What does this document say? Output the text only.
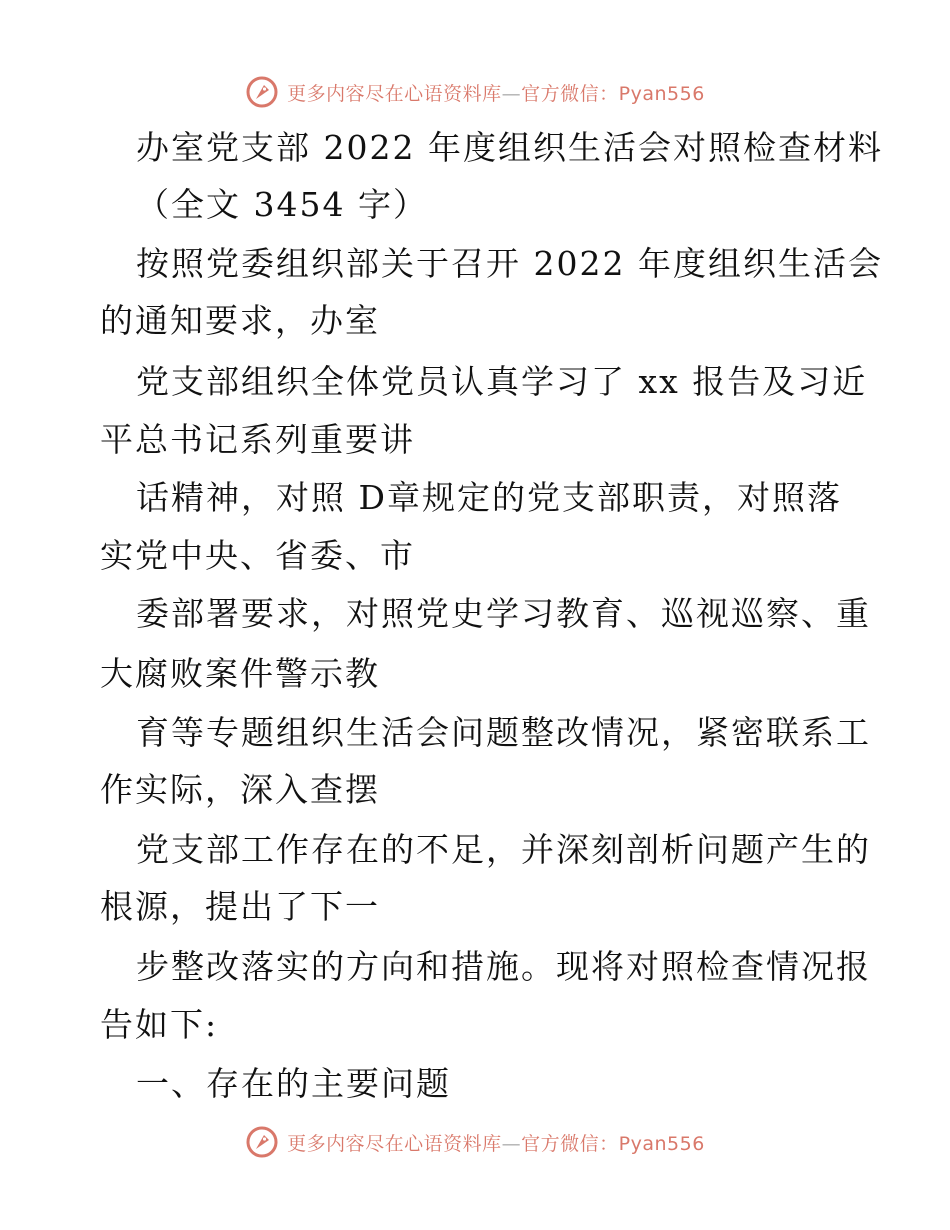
更多内容尽在心语资料库—官方微信：Pyan556
办室党支部 2022 年度组织生活会对照检查材料
（全文 3454 字）
按照党委组织部关于召开 2022 年度组织生活会
的通知要求，办室
党支部组织全体党员认真学习了 xx 报告及习近
平总书记系列重要讲
话精神，对照 D章规定的党支部职责，对照落
实党中央、省委、市
委部署要求，对照党史学习教育、巡视巡察、重
大腐败案件警示教
育等专题组织生活会问题整改情况，紧密联系工
作实际，深入查摆
党支部工作存在的不足，并深刻剖析问题产生的
根源，提出了下一
步整改落实的方向和措施。现将对照检查情况报
告如下:
一、存在的主要问题
更多内容尽在心语资料库—官方微信：Pyan556
